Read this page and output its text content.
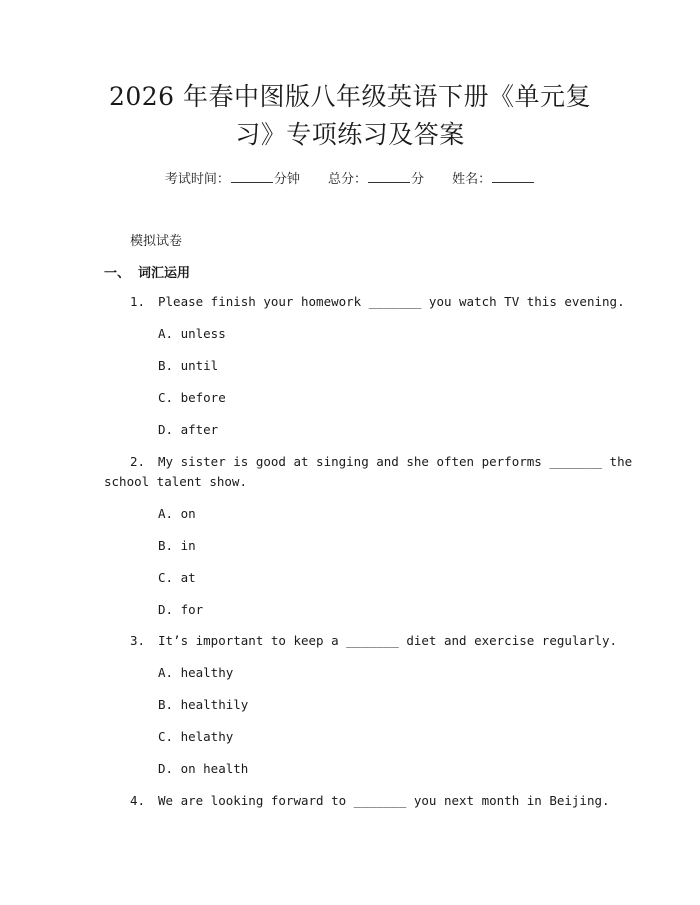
2026 年春中图版八年级英语下册《单元复
习》专项练习及答案
考试时间：	分钟 总分：	分 姓名：
模拟试卷
一、 词汇运用
1.	Please finish your homework _______ you watch TV this evening.
A. unless
B. until
C. before
D. after
2.	My sister is good at singing and she often performs _______ the
school talent show.
A. on
B. in
C. at
D. for
3.	It’s important to keep a _______ diet and exercise regularly.
A. healthy
B. healthily
C. helathy
D. on health
4.	We are looking forward to _______ you next month in Beijing.
